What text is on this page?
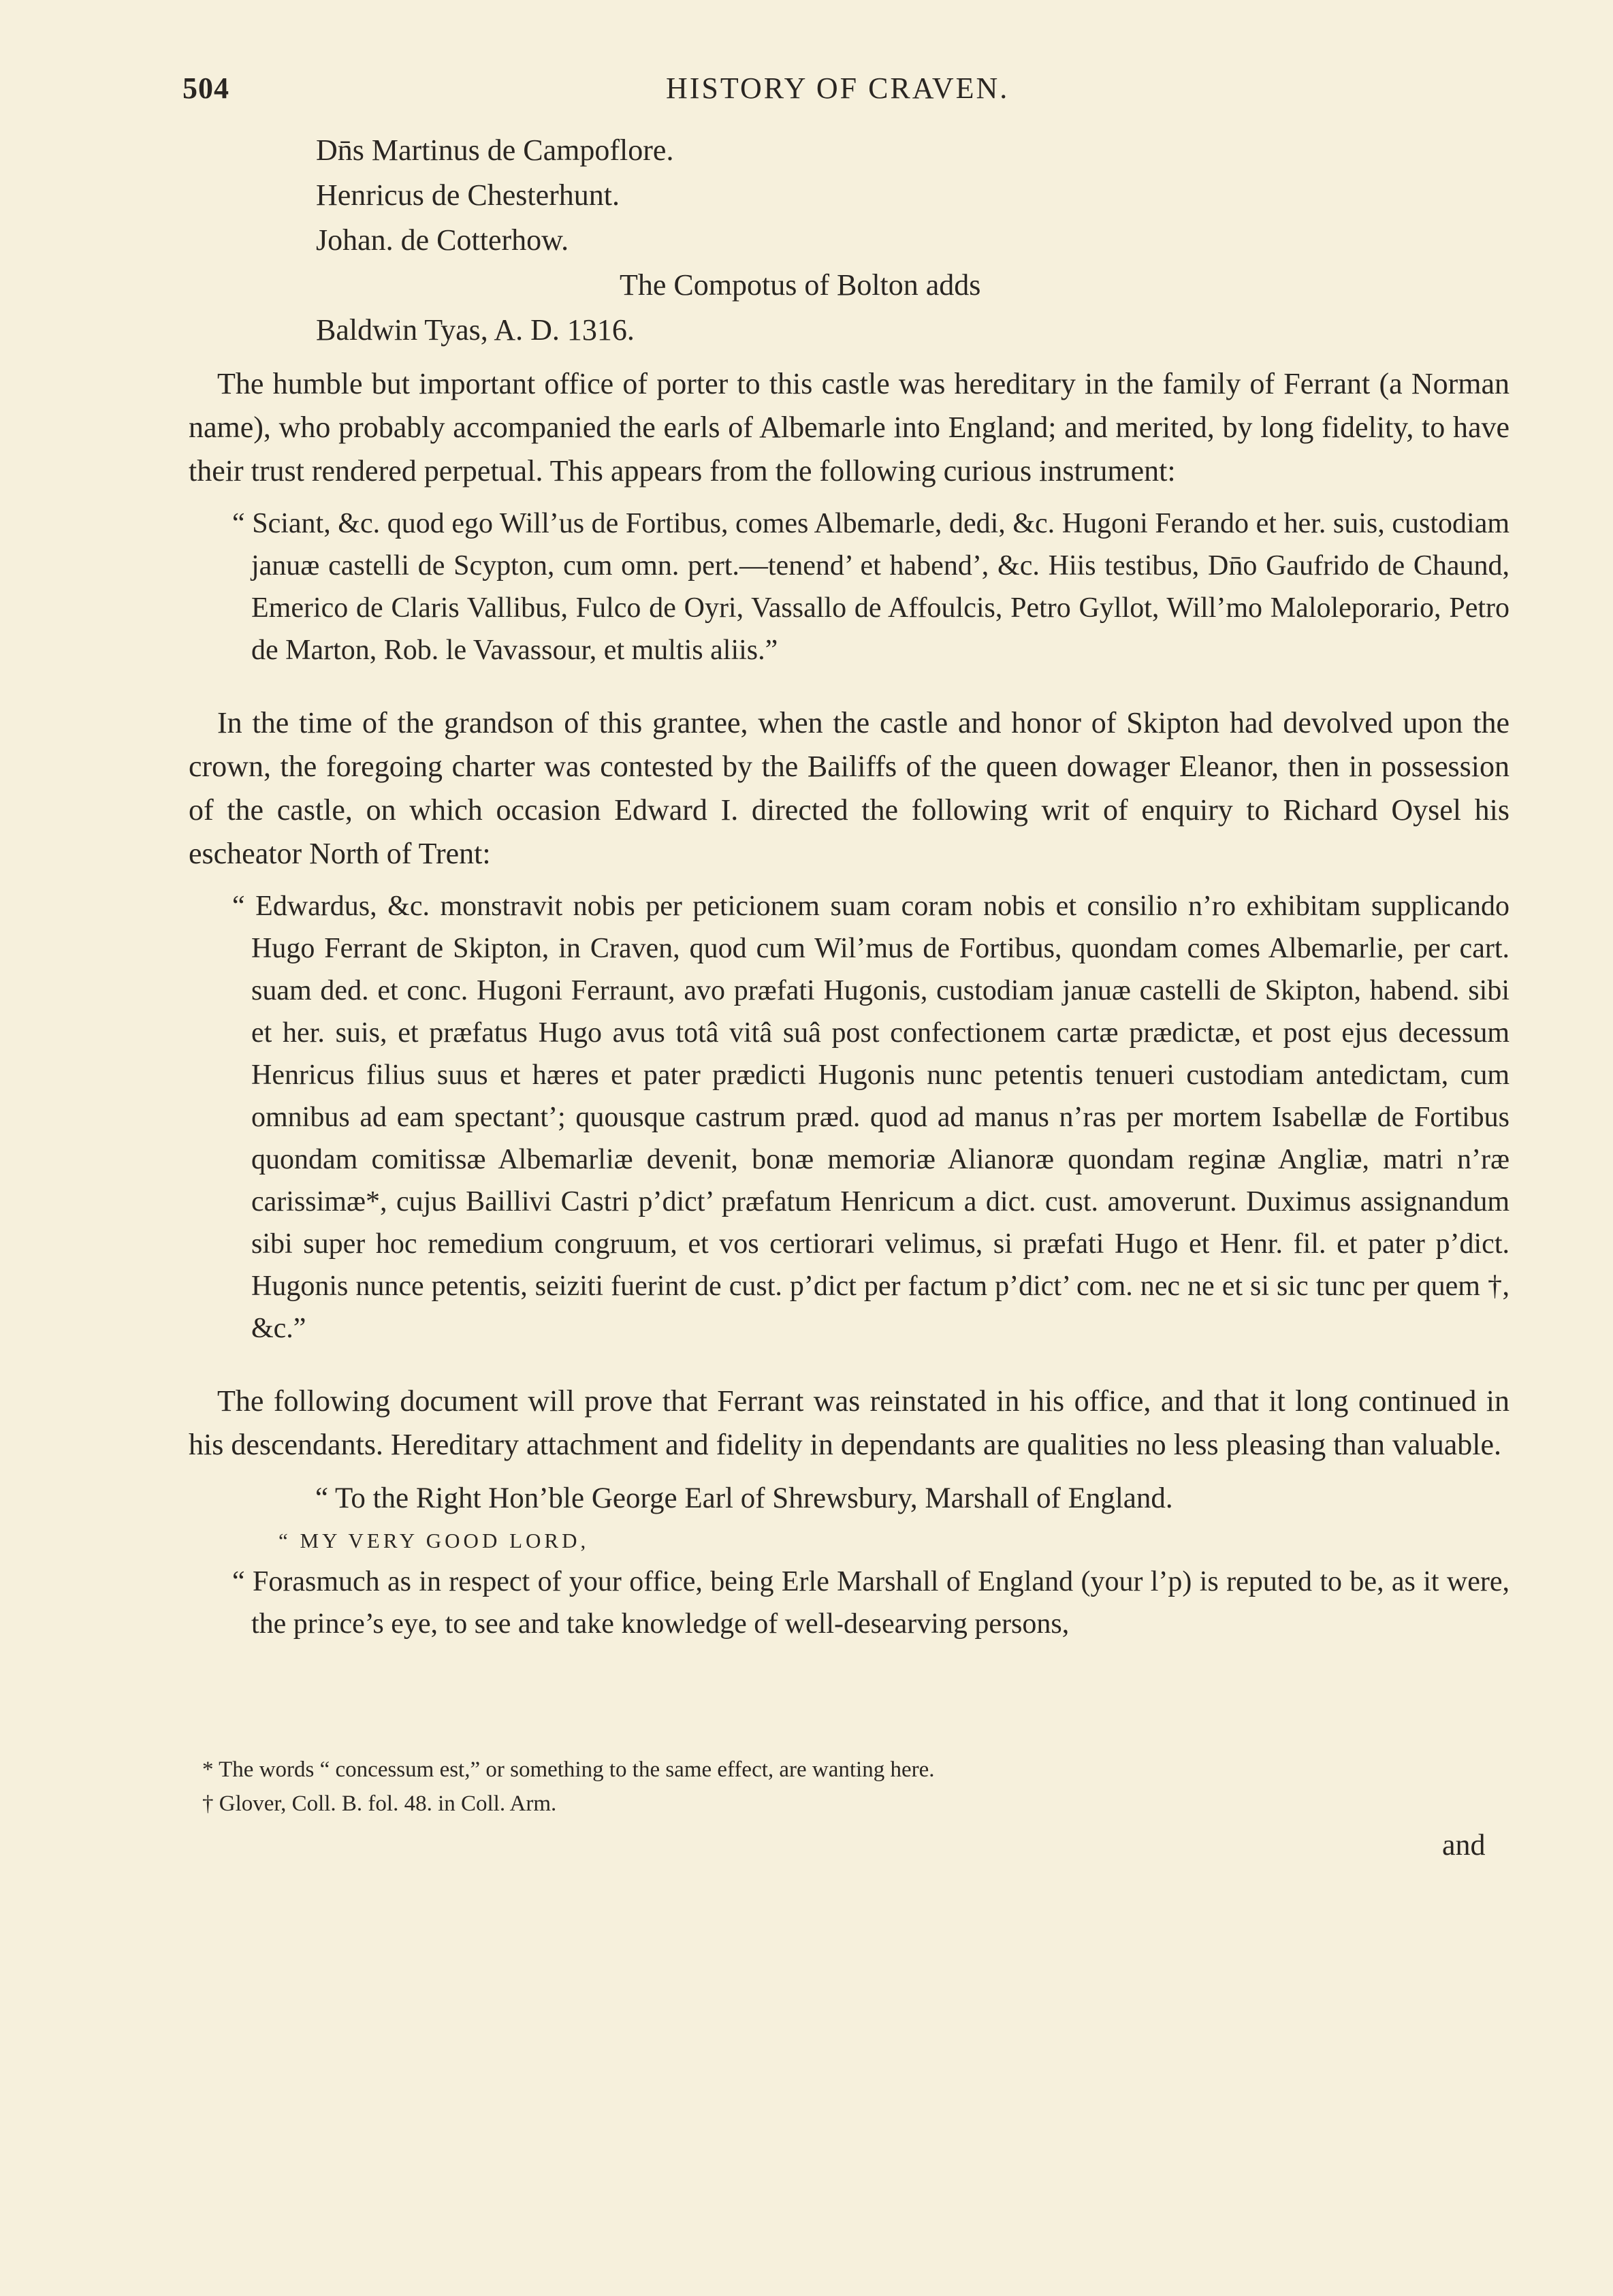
504	HISTORY OF CRAVEN.
Dn̄s Martinus de Campoflore.
Henricus de Chesterhunt.
Johan. de Cotterhow.
The Compotus of Bolton adds
Baldwin Tyas, A. D. 1316.

The humble but important office of porter to this castle was hereditary in the family of Ferrant (a Norman name), who probably accompanied the earls of Albemarle into England; and merited, by long fidelity, to have their trust rendered perpetual. This appears from the following curious instrument:

“ Sciant, &c. quod ego Will’us de Fortibus, comes Albemarle, dedi, &c. Hugoni Ferando et her. suis, custodiam januæ castelli de Scypton, cum omn. pert.—tenend’ et habend’, &c. Hiis testibus, Dn̄o Gaufrido de Chaund, Emerico de Claris Vallibus, Fulco de Oyri, Vassallo de Affoulcis, Petro Gyllot, Will’mo Maloleporario, Petro de Marton, Rob. le Vavassour, et multis aliis.”

In the time of the grandson of this grantee, when the castle and honor of Skipton had devolved upon the crown, the foregoing charter was contested by the Bailiffs of the queen dowager Eleanor, then in possession of the castle, on which occasion Edward I. directed the following writ of enquiry to Richard Oysel his escheator North of Trent:

“ Edwardus, &c. monstravit nobis per peticionem suam coram nobis et consilio n’ro exhibitam supplicando Hugo Ferrant de Skipton, in Craven, quod cum Wil’mus de Fortibus, quondam comes Albemarlie, per cart. suam ded. et conc. Hugoni Ferraunt, avo præfati Hugonis, custodiam januæ castelli de Skipton, habend. sibi et her. suis, et præfatus Hugo avus totâ vitâ suâ post confectionem cartæ prædictæ, et post ejus decessum Henricus filius suus et hæres et pater prædicti Hugonis nunc petentis tenueri custodiam antedictam, cum omnibus ad eam spectant’; quousque castrum præd. quod ad manus n’ras per mortem Isabellæ de Fortibus quondam comitissæ Albemarliæ devenit, bonæ memoriæ Alianoræ quondam reginæ Angliæ, matri n’ræ carissimæ*, cujus Baillivi Castri p’dict’ præfatum Henricum a dict. cust. amoverunt. Duximus assignandum sibi super hoc remedium congruum, et vos certiorari velimus, si præfati Hugo et Henr. fil. et pater p’dict. Hugonis nunce petentis, seiziti fuerint de cust. p’dict per factum p’dict’ com. nec ne et si sic tunc per quem †, &c.”

The following document will prove that Ferrant was reinstated in his office, and that it long continued in his descendants. Hereditary attachment and fidelity in dependants are qualities no less pleasing than valuable.

“ To the Right Hon’ble George Earl of Shrewsbury, Marshall of England.
“ MY VERY GOOD LORD,

“ Forasmuch as in respect of your office, being Erle Marshall of England (your l’p) is reputed to be, as it were, the prince’s eye, to see and take knowledge of well-desearving persons,

* The words “ concessum est,” or something to the same effect, are wanting here.
† Glover, Coll. B. fol. 48. in Coll. Arm.
and
